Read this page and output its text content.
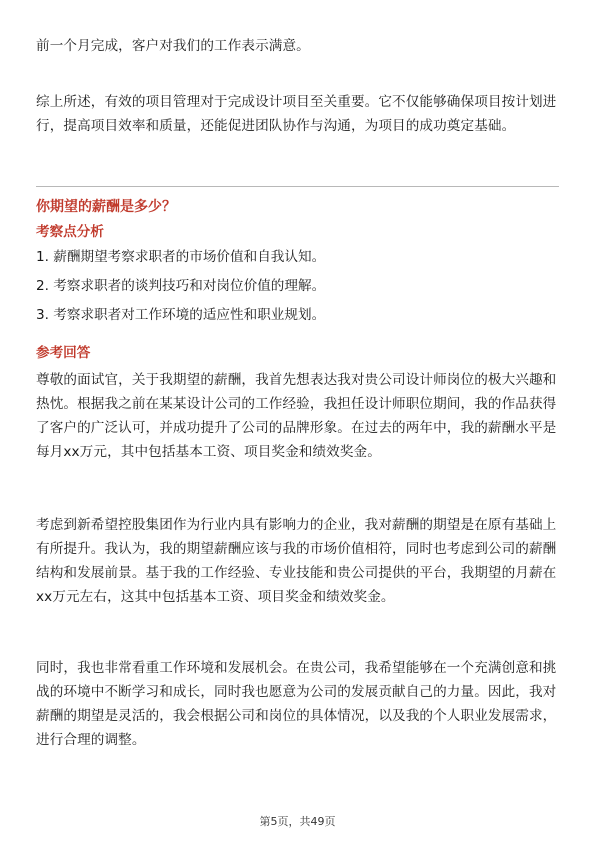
前一个月完成，客户对我们的工作表示满意。

综上所述，有效的项目管理对于完成设计项目至关重要。它不仅能够确保项目按计划进行，提高项目效率和质量，还能促进团队协作与沟通，为项目的成功奠定基础。

你期望的薪酬是多少？

考察点分析

1. 薪酬期望考察求职者的市场价值和自我认知。
2. 考察求职者的谈判技巧和对岗位价值的理解。
3. 考察求职者对工作环境的适应性和职业规划。

参考回答

尊敬的面试官，关于我期望的薪酬，我首先想表达我对贵公司设计师岗位的极大兴趣和热忱。根据我之前在某某设计公司的工作经验，我担任设计师职位期间，我的作品获得了客户的广泛认可，并成功提升了公司的品牌形象。在过去的两年中，我的薪酬水平是每月xx万元，其中包括基本工资、项目奖金和绩效奖金。

考虑到新希望控股集团作为行业内具有影响力的企业，我对薪酬的期望是在原有基础上有所提升。我认为，我的期望薪酬应该与我的市场价值相符，同时也考虑到公司的薪酬结构和发展前景。基于我的工作经验、专业技能和贵公司提供的平台，我期望的月薪在xx万元左右，这其中包括基本工资、项目奖金和绩效奖金。

同时，我也非常看重工作环境和发展机会。在贵公司，我希望能够在一个充满创意和挑战的环境中不断学习和成长，同时我也愿意为公司的发展贡献自己的力量。因此，我对薪酬的期望是灵活的，我会根据公司和岗位的具体情况，以及我的个人职业发展需求，进行合理的调整。

第5页，共49页
